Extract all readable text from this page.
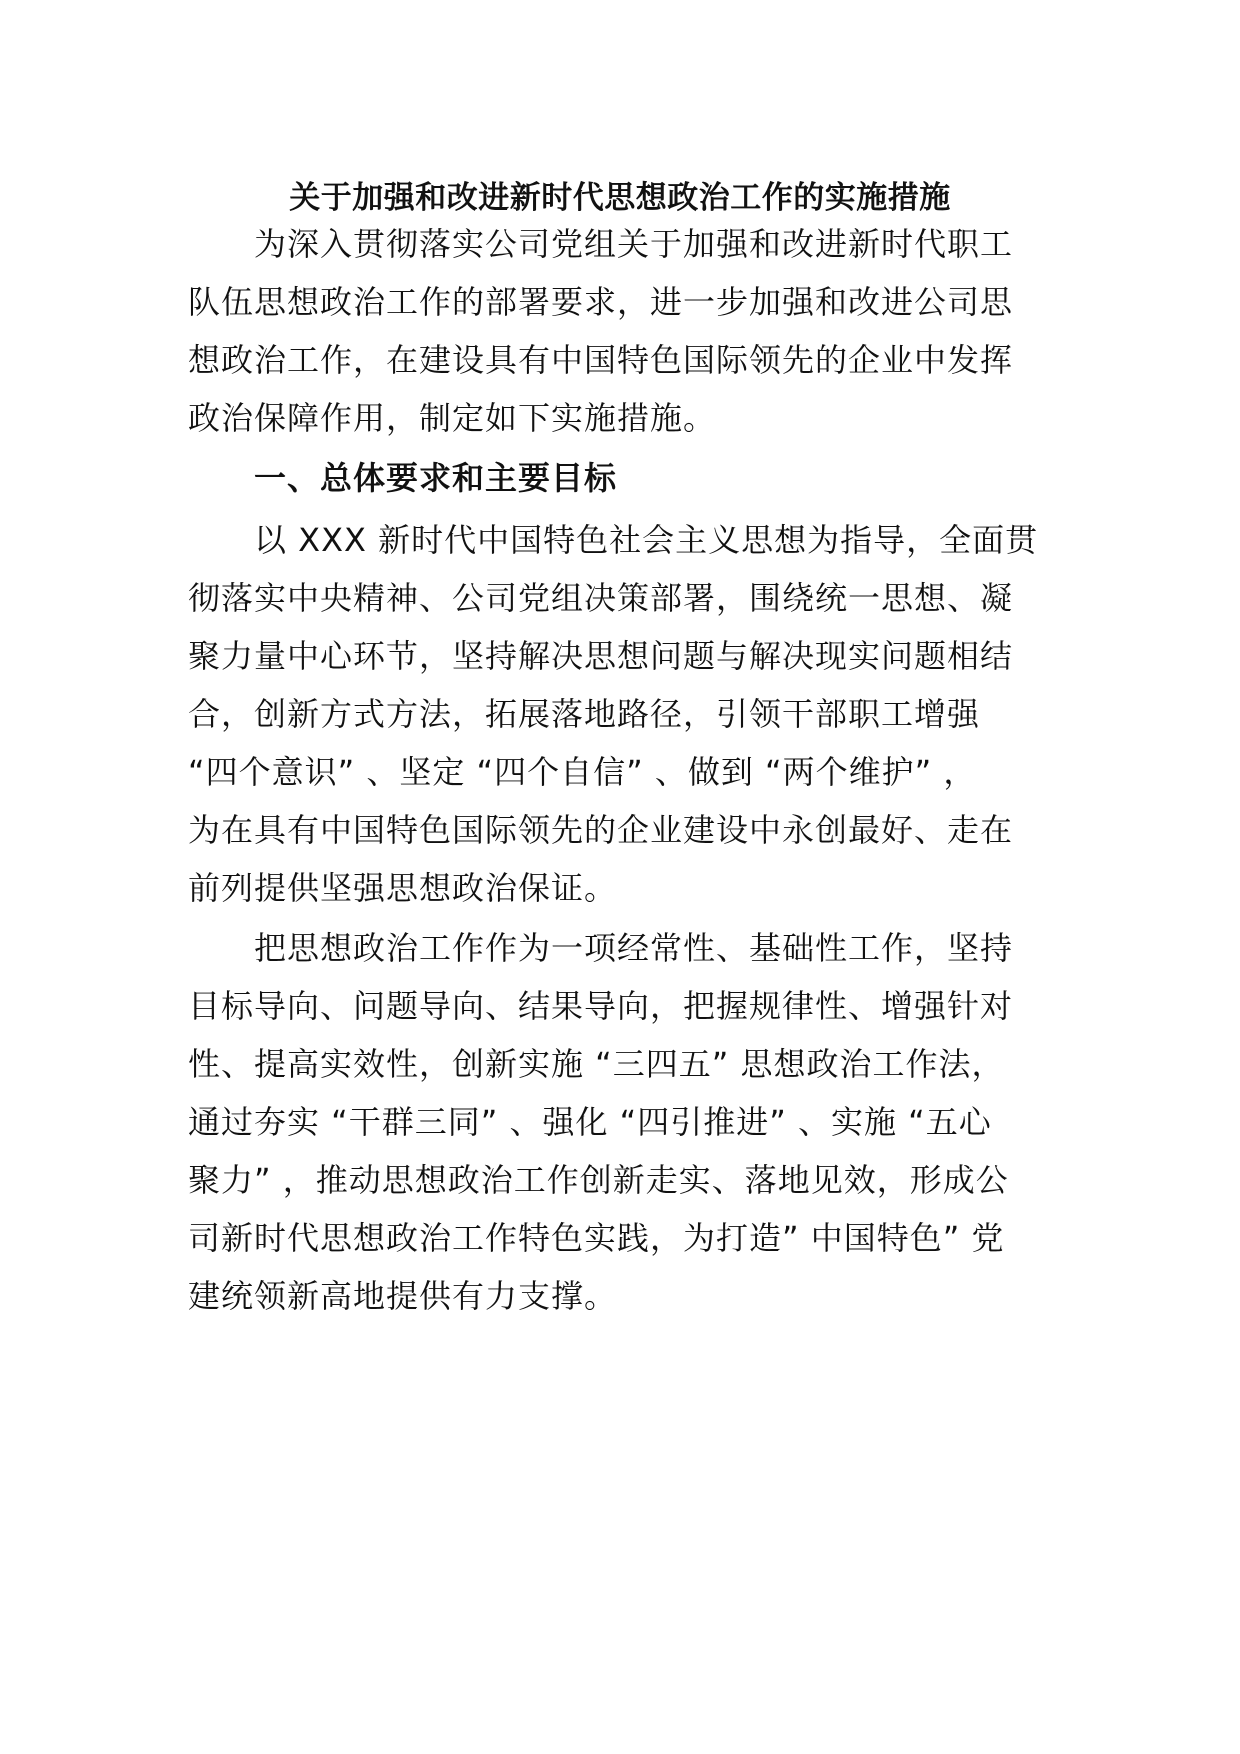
关于加强和改进新时代思想政治工作的实施措施
为深入贯彻落实公司党组关于加强和改进新时代职工
队伍思想政治工作的部署要求，进一步加强和改进公司思
想政治工作，在建设具有中国特色国际领先的企业中发挥
政治保障作用，制定如下实施措施。
一、总体要求和主要目标
以 XXX 新时代中国特色社会主义思想为指导，全面贯
彻落实中央精神、公司党组决策部署，围绕统一思想、凝
聚力量中心环节，坚持解决思想问题与解决现实问题相结
合，创新方式方法，拓展落地路径，引领干部职工增强
“四个意识” 、坚定 “四个自信” 、做到 “两个维护” ，
为在具有中国特色国际领先的企业建设中永创最好、走在
前列提供坚强思想政治保证。
把思想政治工作作为一项经常性、基础性工作，坚持
目标导向、问题导向、结果导向，把握规律性、增强针对
性、提高实效性，创新实施 “三四五” 思想政治工作法，
通过夯实 “干群三同” 、强化 “四引推进” 、实施 “五心
聚力” ，推动思想政治工作创新走实、落地见效，形成公
司新时代思想政治工作特色实践，为打造” 中国特色” 党
建统领新高地提供有力支撑。
